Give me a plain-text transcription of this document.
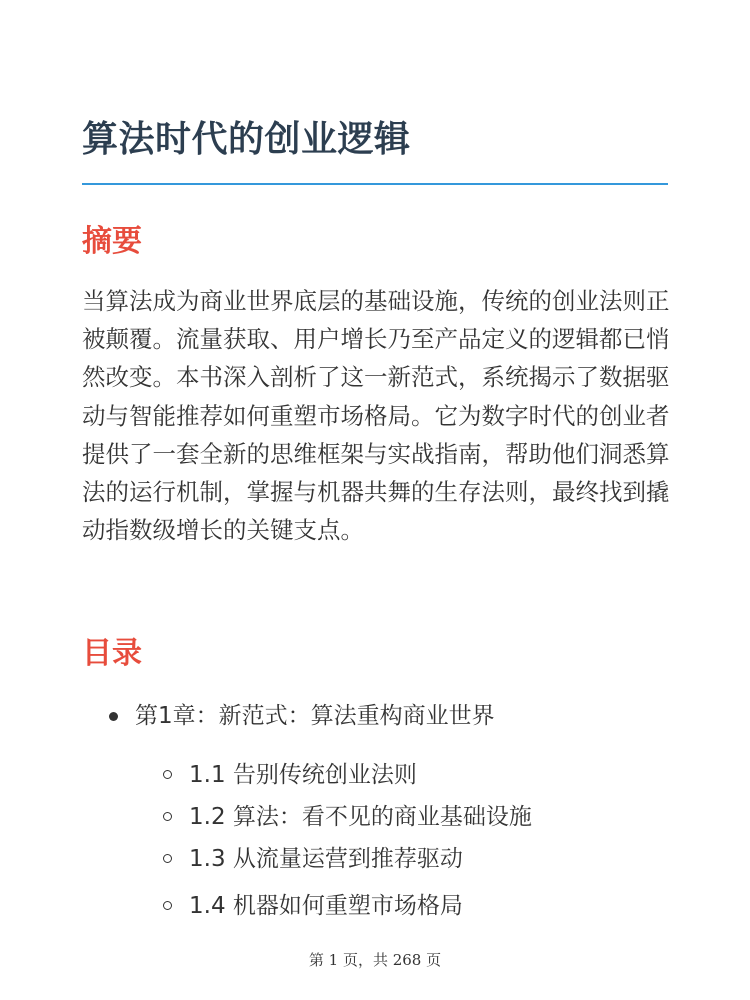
算法时代的创业逻辑
摘要

当算法成为商业世界底层的基础设施，传统的创业法则正被颠覆。流量获取、用户增长乃至产品定义的逻辑都已悄然改变。本书深入剖析了这一新范式，系统揭示了数据驱动与智能推荐如何重塑市场格局。它为数字时代的创业者提供了一套全新的思维框架与实战指南，帮助他们洞悉算法的运行机制，掌握与机器共舞的生存法则，最终找到撬动指数级增长的关键支点。

目录
第1章：新范式：算法重构商业世界
1.1 告别传统创业法则
1.2 算法：看不见的商业基础设施
1.3 从流量运营到推荐驱动
1.4 机器如何重塑市场格局
第 1 页，共 268 页
